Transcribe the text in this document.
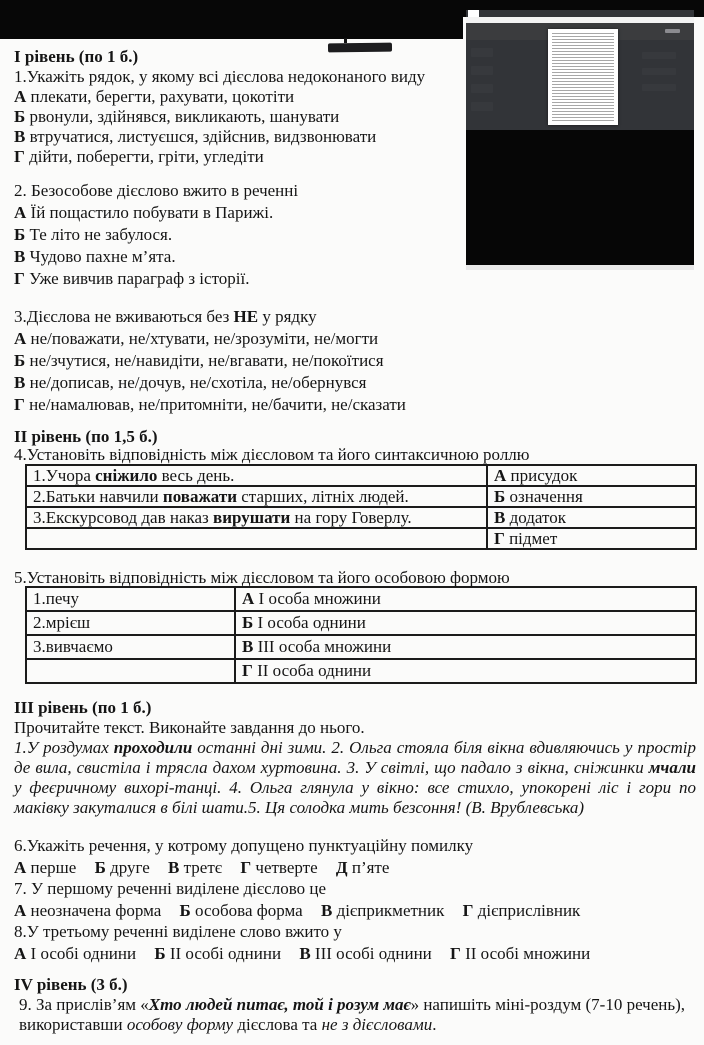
І рівень (по 1 б.)
1.Укажіть рядок, у якому всі дієслова недоконаного виду
А плекати, берегти, рахувати, цокотіти
Б рвонули, здійнявся, викликають, шанувати
В втручатися, листуєшся, здійснив, видзвонювати
Г дійти, поберегти, гріти, угледіти
2. Безособове дієслово вжито в реченні
А Їй пощастило побувати в Парижі.
Б Те літо не забулося.
В Чудово пахне м’ята.
Г Уже вивчив параграф з історії.
3.Дієслова не вживаються без НЕ у рядку
А не/поважати, не/хтувати, не/зрозуміти, не/могти
Б не/зчутися, не/навидіти, не/вгавати, не/покоїтися
В не/дописав, не/дочув, не/схотіла, не/обернувся
Г не/намалював, не/притомніти, не/бачити, не/сказати
ІІ рівень (по 1,5 б.)
4.Установіть відповідність між дієсловом та його синтаксичною роллю
1.Учора сніжило весь день.	А присудок
2.Батьки навчили поважати старших, літніх людей.	Б означення
3.Екскурсовод дав наказ вирушати на гору Говерлу.	В додаток
	Г підмет
5.Установіть відповідність між дієсловом та його особовою формою
1.печу	А І особа множини
2.мрієш	Б І особа однини
3.вивчаємо	В ІІІ особа множини
	Г ІІ особа однини
ІІІ рівень (по 1 б.)
Прочитайте текст. Виконайте завдання до нього.
1.У роздумах проходили останні дні зими. 2. Ольга стояла біля вікна вдивляючись у простір де вила, свистіла і трясла дахом хуртовина. 3. У світлі, що падало з вікна, сніжинки мчали у феєричному вихорі-танці. 4. Ольга глянула у вікно: все стихло, упокорені ліс і гори по маківку закуталися в білі шати.5. Ця солодка мить безсоння! (В. Врублевська)
6.Укажіть речення, у котрому допущено пунктуаційну помилку
А перше Б друге В третє Г четверте Д п’яте
7. У першому реченні виділене дієслово це
А неозначена форма Б особова форма В дієприкметник Г дієприслівник
8.У третьому реченні виділене слово вжито у
А І особі однини Б ІІ особі однини В ІІІ особі однини Г ІІ особі множини
IV рівень (3 б.)
9. За прислів’ям «Хто людей питає, той і розум має» напишіть міні-роздум (7-10 речень), використавши особову форму дієслова та не з дієсловами.
